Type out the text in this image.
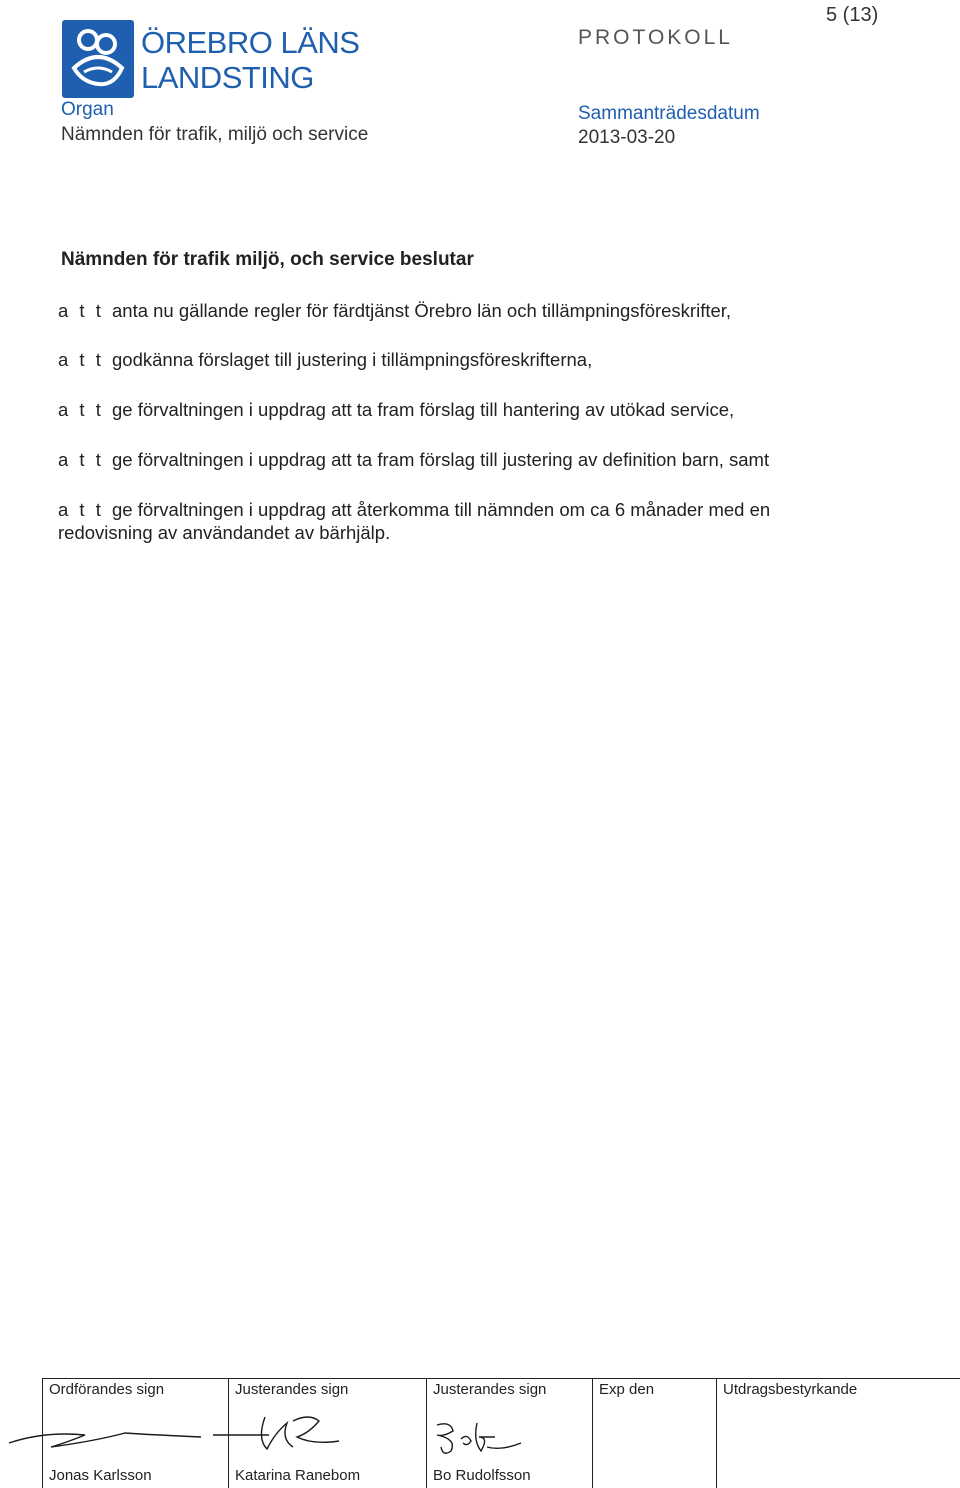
ÖREBRO LÄNS
LANDSTING
Organ
Nämnden för trafik, miljö och service
PROTOKOLL
5 (13)
Sammanträdesdatum
2013-03-20
Nämnden för trafik miljö, och service beslutar
a t t anta nu gällande regler för färdtjänst Örebro län och tillämpningsföreskrifter,
a t t godkänna förslaget till justering i tillämpningsföreskrifterna,
a t t ge förvaltningen i uppdrag att ta fram förslag till hantering av utökad service,
a t t ge förvaltningen i uppdrag att ta fram förslag till justering av definition barn, samt
a t t ge förvaltningen i uppdrag att återkomma till nämnden om ca 6 månader med en
redovisning av användandet av bärhjälp.
Ordförandes sign
Jonas Karlsson
Justerandes sign
Katarina Ranebom
Justerandes sign
Bo Rudolfsson
Exp den	Utdragsbestyrkande
